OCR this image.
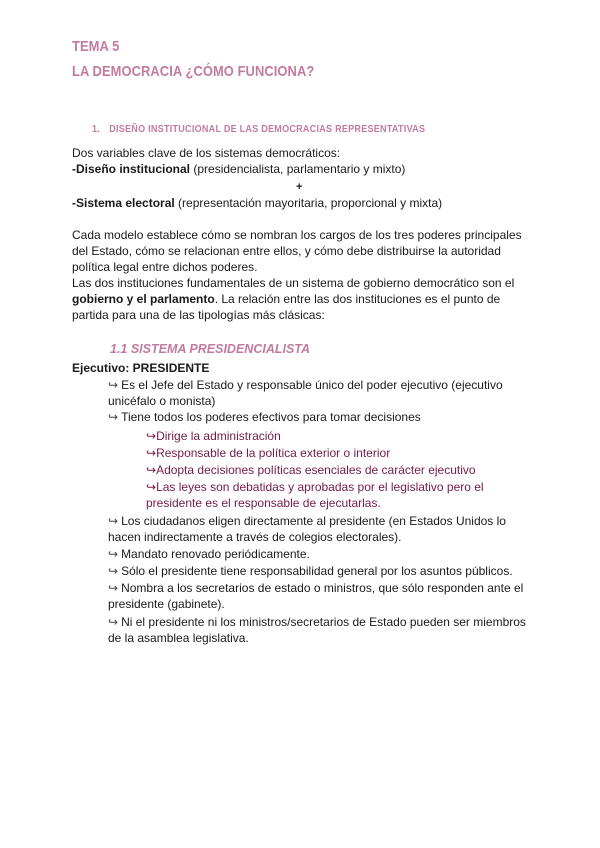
TEMA 5
LA DEMOCRACIA ¿CÓMO FUNCIONA?
1. DISEÑO INSTITUCIONAL DE LAS DEMOCRACIAS REPRESENTATIVAS
Dos variables clave de los sistemas democráticos:
-Diseño institucional (presidencialista, parlamentario y mixto)
+
-Sistema electoral (representación mayoritaria, proporcional y mixta)
Cada modelo establece cómo se nombran los cargos de los tres poderes principales del Estado, cómo se relacionan entre ellos, y cómo debe distribuirse la autoridad política legal entre dichos poderes.
Las dos instituciones fundamentales de un sistema de gobierno democrático son el gobierno y el parlamento. La relación entre las dos instituciones es el punto de partida para una de las tipologías más clásicas:
1.1 SISTEMA PRESIDENCIALISTA
Ejecutivo: PRESIDENTE
↪ Es el Jefe del Estado y responsable único del poder ejecutivo (ejecutivo unicéfalo o monista)
↪ Tiene todos los poderes efectivos para tomar decisiones
↪Dirige la administración
↪Responsable de la política exterior o interior
↪Adopta decisiones políticas esenciales de carácter ejecutivo
↪Las leyes son debatidas y aprobadas por el legislativo pero el presidente es el responsable de ejecutarlas.
↪ Los ciudadanos eligen directamente al presidente (en Estados Unidos lo hacen indirectamente a través de colegios electorales).
↪ Mandato renovado periódicamente.
↪ Sólo el presidente tiene responsabilidad general por los asuntos públicos.
↪ Nombra a los secretarios de estado o ministros, que sólo responden ante el presidente (gabinete).
↪ Ni el presidente ni los ministros/secretarios de Estado pueden ser miembros de la asamblea legislativa.
